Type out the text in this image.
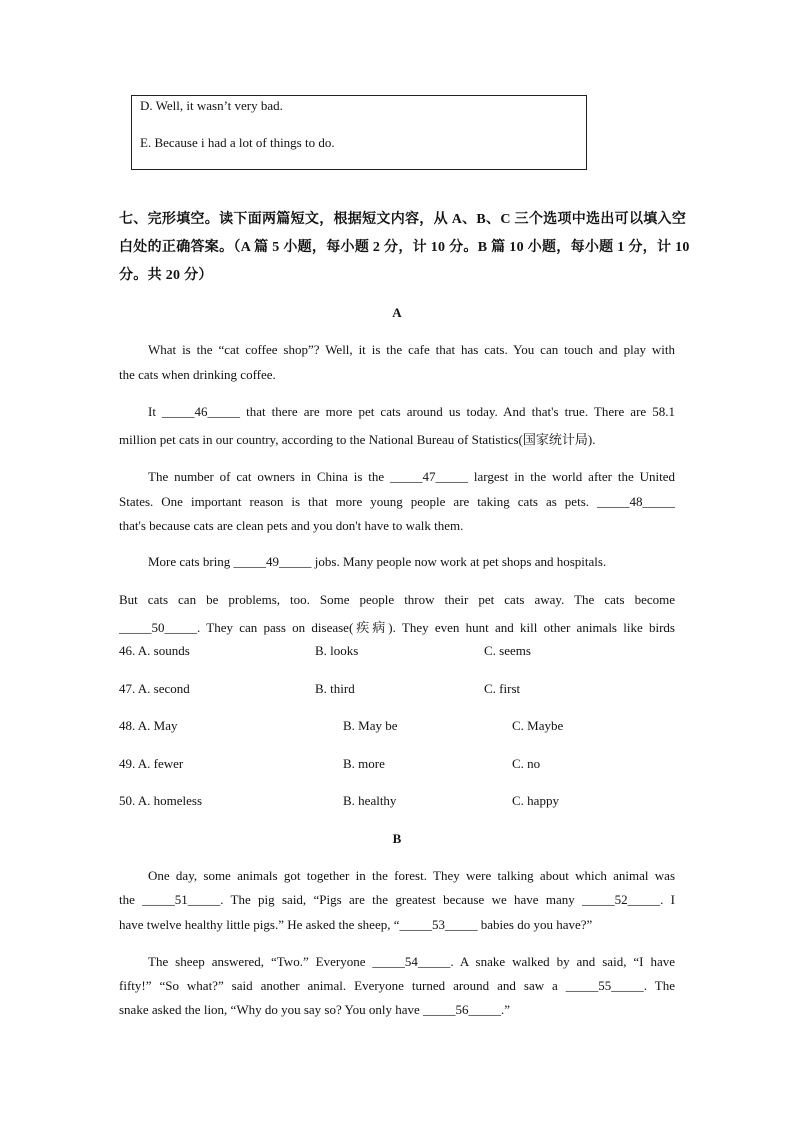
D. Well, it wasn’t very bad.
E. Because i had a lot of things to do.
七、完形填空。读下面两篇短文，根据短文内容，从 A、B、C 三个选项中选出可以填入空
白处的正确答案。（A 篇 5 小题，每小题 2 分，计 10 分。B 篇 10 小题，每小题 1 分，计 10
分。共 20 分）
A
What is the “cat coffee shop”? Well, it is the cafe that has cats. You can touch and play with
the cats when drinking coffee.
It _____46_____ that there are more pet cats around us today. And that's true. There are 58.1
million pet cats in our country, according to the National Bureau of Statistics(国家统计局).
The number of cat owners in China is the _____47_____ largest in the world after the United
States. One important reason is that more young people are taking cats as pets. _____48_____
that's because cats are clean pets and you don't have to walk them.
More cats bring _____49_____ jobs. Many people now work at pet shops and hospitals.
But cats can be problems, too. Some people throw their pet cats away. The cats become
_____50_____. They can pass on disease(疾病). They even hunt and kill other animals like birds
46. A. sounds	B. looks	C. seems
47. A. second	B. third	C. first
48. A. May	B. May be	C. Maybe
49. A. fewer	B. more	C. no
50. A. homeless	B. healthy	C. happy
B
One day, some animals got together in the forest. They were talking about which animal was
the _____51_____. The pig said, “Pigs are the greatest because we have many _____52_____. I
have twelve healthy little pigs.” He asked the sheep, “_____53_____ babies do you have?”
The sheep answered, “Two.” Everyone _____54_____. A snake walked by and said, “I have
fifty!” “So what?” said another animal. Everyone turned around and saw a _____55_____. The
snake asked the lion, “Why do you say so? You only have _____56_____.”
